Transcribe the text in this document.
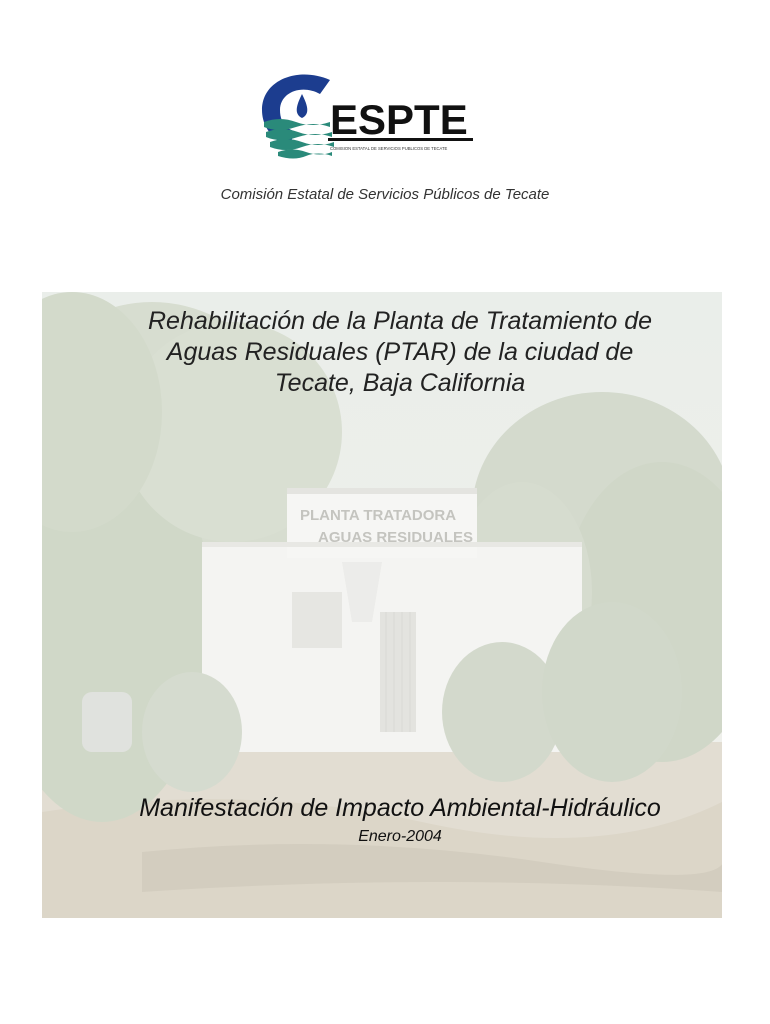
ESPTE
COMISION ESTATAL DE SERVICIOS PUBLICOS DE TECATE
Comisión Estatal de Servicios Públicos de Tecate
PLANTA TRATADORA
AGUAS RESIDUALES
Rehabilitación de la Planta de Tratamiento de
Aguas Residuales (PTAR) de la ciudad de
Tecate, Baja California
Manifestación de Impacto Ambiental-Hidráulico
Enero-2004
